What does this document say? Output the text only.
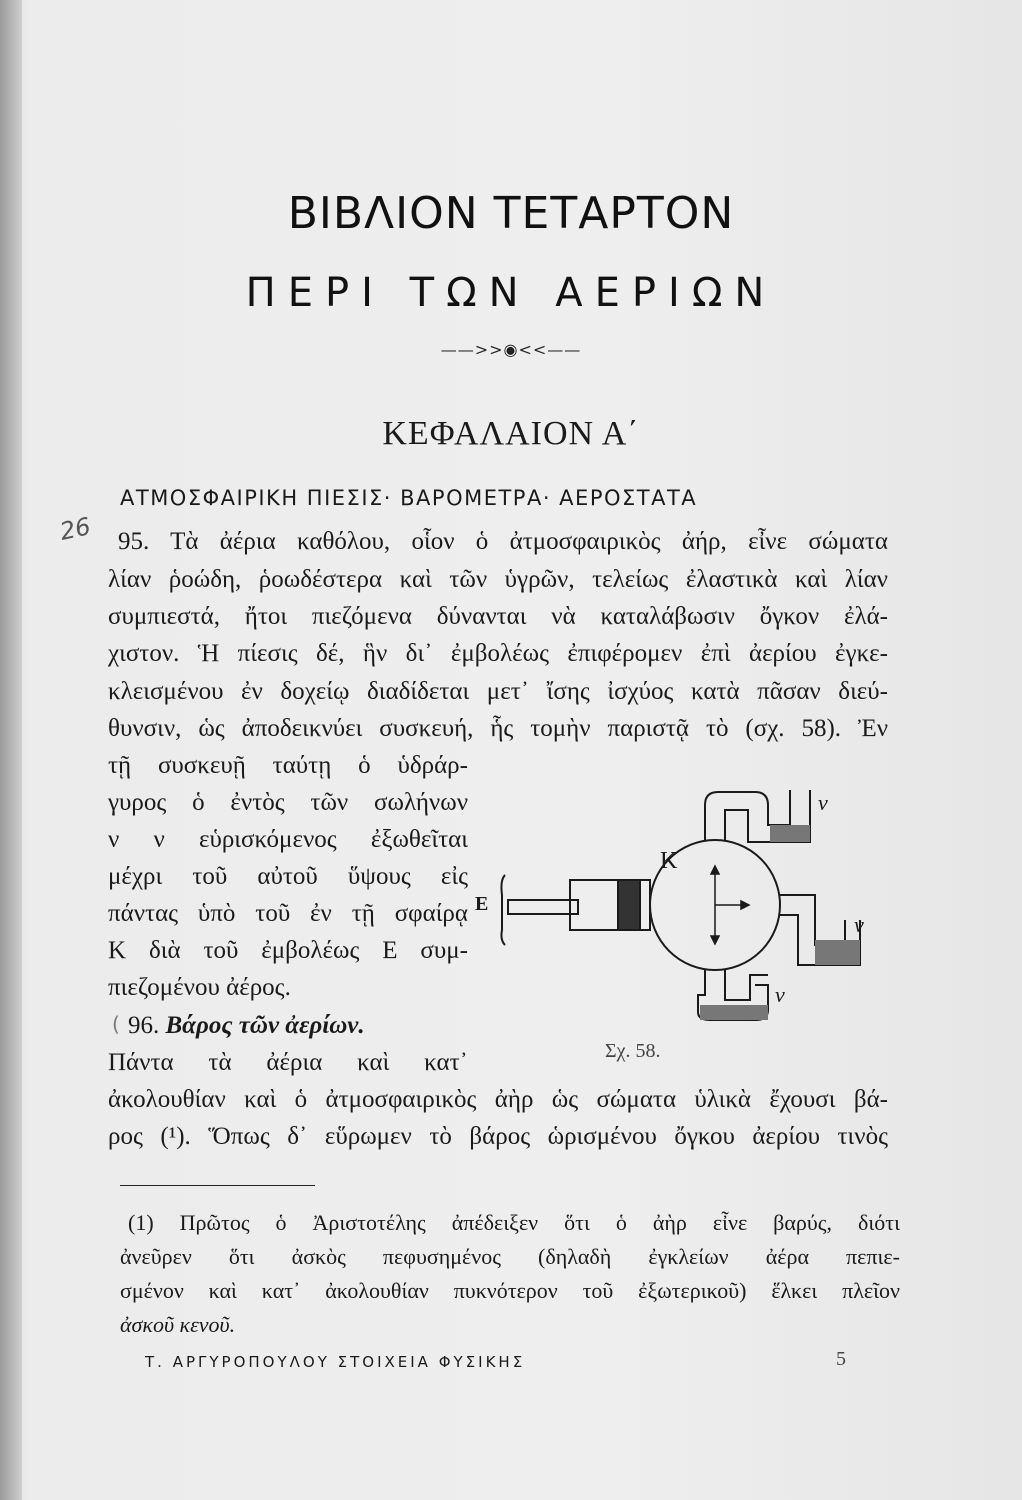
ΒΙΒΛΙΟΝ ΤΕΤΑΡΤΟΝ
ΠΕΡΙ ΤΩΝ ΑΕΡΙΩΝ
——>>◉<<——
ΚΕΦΑΛΑΙΟΝ Α΄
ΑΤΜΟΣΦΑΙΡΙΚΗ ΠΙΕΣΙΣ· ΒΑΡΟΜΕΤΡΑ· ΑΕΡΟΣΤΑΤΑ
26 95. Τὰ ἀέρια καθόλου, οἷον ὁ ἀτμοσφαιρικὸς ἀήρ, εἶνε σώματα
λίαν ῥοώδη, ῥοωδέστερα καὶ τῶν ὑγρῶν, τελείως ἐλαστικὰ καὶ λίαν
συμπιεστά, ἤτοι πιεζόμενα δύνανται νὰ καταλάβωσιν ὄγκον ἐλά-
χιστον. Ἡ πίεσις δέ, ἣν δι᾿ ἐμβολέως ἐπιφέρομεν ἐπὶ ἀερίου ἐγκε-
κλεισμένου ἐν δοχείῳ διαδίδεται μετ᾿ ἴσης ἰσχύος κατὰ πᾶσαν διεύ-
θυνσιν, ὡς ἀποδεικνύει συσκευή, ἧς τομὴν παριστᾷ τὸ (σχ. 58). Ἐν
τῇ συσκευῇ ταύτῃ ὁ ὑδράρ-
γυρος ὁ ἐντὸς τῶν σωλήνων
ν ν εὑρισκόμενος ἐξωθεῖται
μέχρι τοῦ αὐτοῦ ὕψους εἰς
πάντας ὑπὸ τοῦ ἐν τῇ σφαίρᾳ
Κ διὰ τοῦ ἐμβολέως Ε συμ-
πιεζομένου ἀέρος.
( 96. Βάρος τῶν ἀερίων.
Πάντα τὰ ἀέρια καὶ κατ᾿
ἀκολουθίαν καὶ ὁ ἀτμοσφαιρικὸς ἀὴρ ὡς σώματα ὑλικὰ ἔχουσι βά-
ρος (¹). Ὅπως δ᾿ εὕρωμεν τὸ βάρος ὡρισμένου ὄγκου ἀερίου τινὸς
Κ
Ε
ν
ν
ν
Σχ. 58.
(1) Πρῶτος ὁ Ἀριστοτέλης ἀπέδειξεν ὅτι ὁ ἀὴρ εἶνε βαρύς, διότι
ἀνεῦρεν ὅτι ἀσκὸς πεφυσημένος (δηλαδὴ ἐγκλείων ἀέρα πεπιε-
σμένον καὶ κατ᾿ ἀκολουθίαν πυκνότερον τοῦ ἐξωτερικοῦ) ἕλκει πλεῖον
ἀσκοῦ κενοῦ.
Τ. ΑΡΓΥΡΟΠΟΥΛΟΥ ΣΤΟΙΧΕΙΑ ΦΥΣΙΚΗΣ	5
